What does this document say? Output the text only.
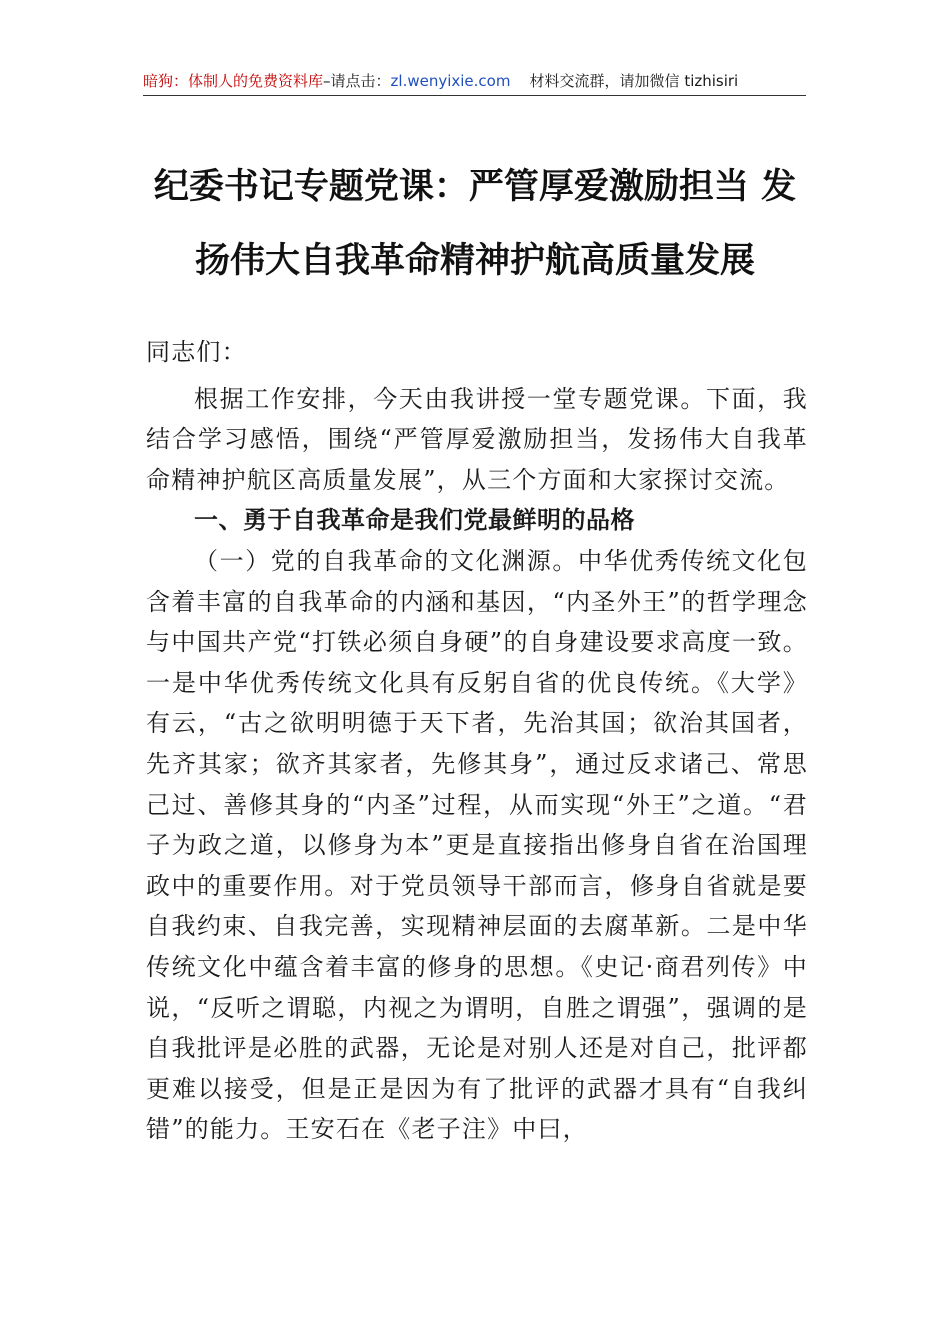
暗狗：体制人的免费资料库–请点击：zl.wenyixie.com 材料交流群，请加微信 tizhisiri
纪委书记专题党课：严管厚爱激励担当 发
扬伟大自我革命精神护航高质量发展

同志们：

根据工作安排，今天由我讲授一堂专题党课。下面，我结合学习感悟，围绕“严管厚爱激励担当，发扬伟大自我革命精神护航区高质量发展”，从三个方面和大家探讨交流。

一、勇于自我革命是我们党最鲜明的品格

（一）党的自我革命的文化渊源。中华优秀传统文化包含着丰富的自我革命的内涵和基因，“内圣外王”的哲学理念与中国共产党“打铁必须自身硬”的自身建设要求高度一致。一是中华优秀传统文化具有反躬自省的优良传统。《大学》有云，“古之欲明明德于天下者，先治其国；欲治其国者，先齐其家；欲齐其家者，先修其身”，通过反求诸己、常思己过、善修其身的“内圣”过程，从而实现“外王”之道。“君子为政之道，以修身为本”更是直接指出修身自省在治国理政中的重要作用。对于党员领导干部而言，修身自省就是要自我约束、自我完善，实现精神层面的去腐革新。二是中华传统文化中蕴含着丰富的修身的思想。《史记·商君列传》中说，“反听之谓聪，内视之为谓明，自胜之谓强”，强调的是自我批评是必胜的武器，无论是对别人还是对自己，批评都更难以接受，但是正是因为有了批评的武器才具有“自我纠错”的能力。王安石在《老子注》中曰，
